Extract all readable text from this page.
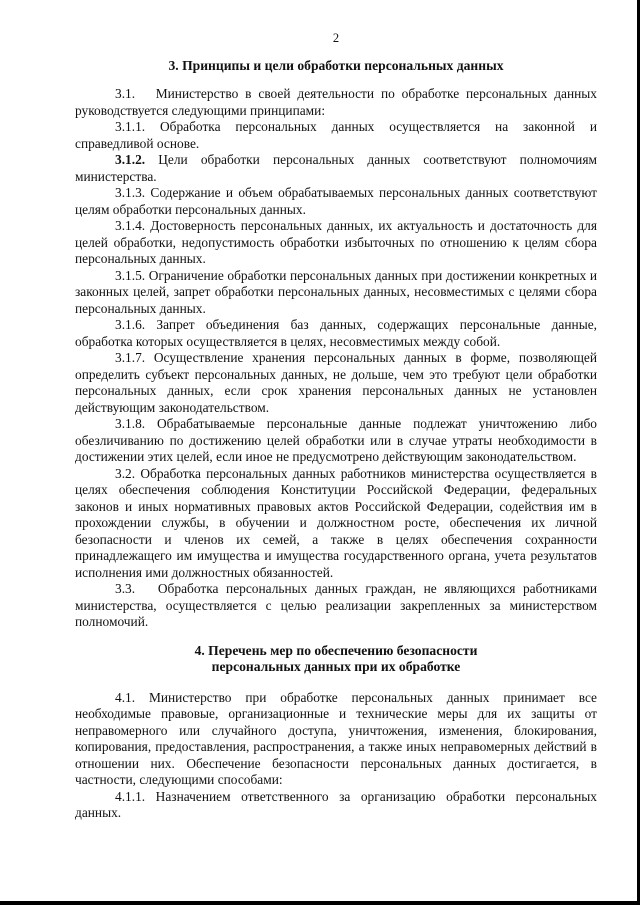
2
3. Принципы и цели обработки персональных данных

3.1.   Министерство в своей деятельности по обработке персональных данных руководствуется следующими принципами:

3.1.1. Обработка персональных данных осуществляется на законной и справедливой основе.

3.1.2. Цели обработки персональных данных соответствуют полномочиям министерства.

3.1.3. Содержание и объем обрабатываемых персональных данных соответствуют целям обработки персональных данных.

3.1.4. Достоверность персональных данных, их актуальность и достаточность для целей обработки, недопустимость обработки избыточных по отношению к целям сбора персональных данных.

3.1.5. Ограничение обработки персональных данных при достижении конкретных и законных целей, запрет обработки персональных данных, несовместимых с целями сбора персональных данных.

3.1.6. Запрет объединения баз данных, содержащих персональные данные, обработка которых осуществляется в целях, несовместимых между собой.

3.1.7. Осуществление хранения персональных данных в форме, позволяющей определить субъект персональных данных, не дольше, чем это требуют цели обработки персональных данных, если срок хранения персональных данных не установлен действующим законодательством.

3.1.8. Обрабатываемые персональные данные подлежат уничтожению либо обезличиванию по достижению целей обработки или в случае утраты необходимости в достижении этих целей, если иное не предусмотрено действующим законодательством.

3.2. Обработка персональных данных работников министерства осуществляется в целях обеспечения соблюдения Конституции Российской Федерации, федеральных законов и иных нормативных правовых актов Российской Федерации, содействия им в прохождении службы, в обучении и должностном росте, обеспечения их личной безопасности и членов их семей, а также в целях обеспечения сохранности принадлежащего им имущества и имущества государственного органа, учета результатов исполнения ими должностных обязанностей.

3.3.   Обработка персональных данных граждан, не являющихся работниками министерства, осуществляется с целью реализации закрепленных за министерством полномочий.

4. Перечень мер по обеспечению безопасности
персональных данных при их обработке

4.1. Министерство при обработке персональных данных принимает все необходимые правовые, организационные и технические меры для их защиты от неправомерного или случайного доступа, уничтожения, изменения, блокирования, копирования, предоставления, распространения, а также иных неправомерных действий в отношении них. Обеспечение безопасности персональных данных достигается, в частности, следующими способами:

4.1.1. Назначением ответственного за организацию обработки персональных данных.
